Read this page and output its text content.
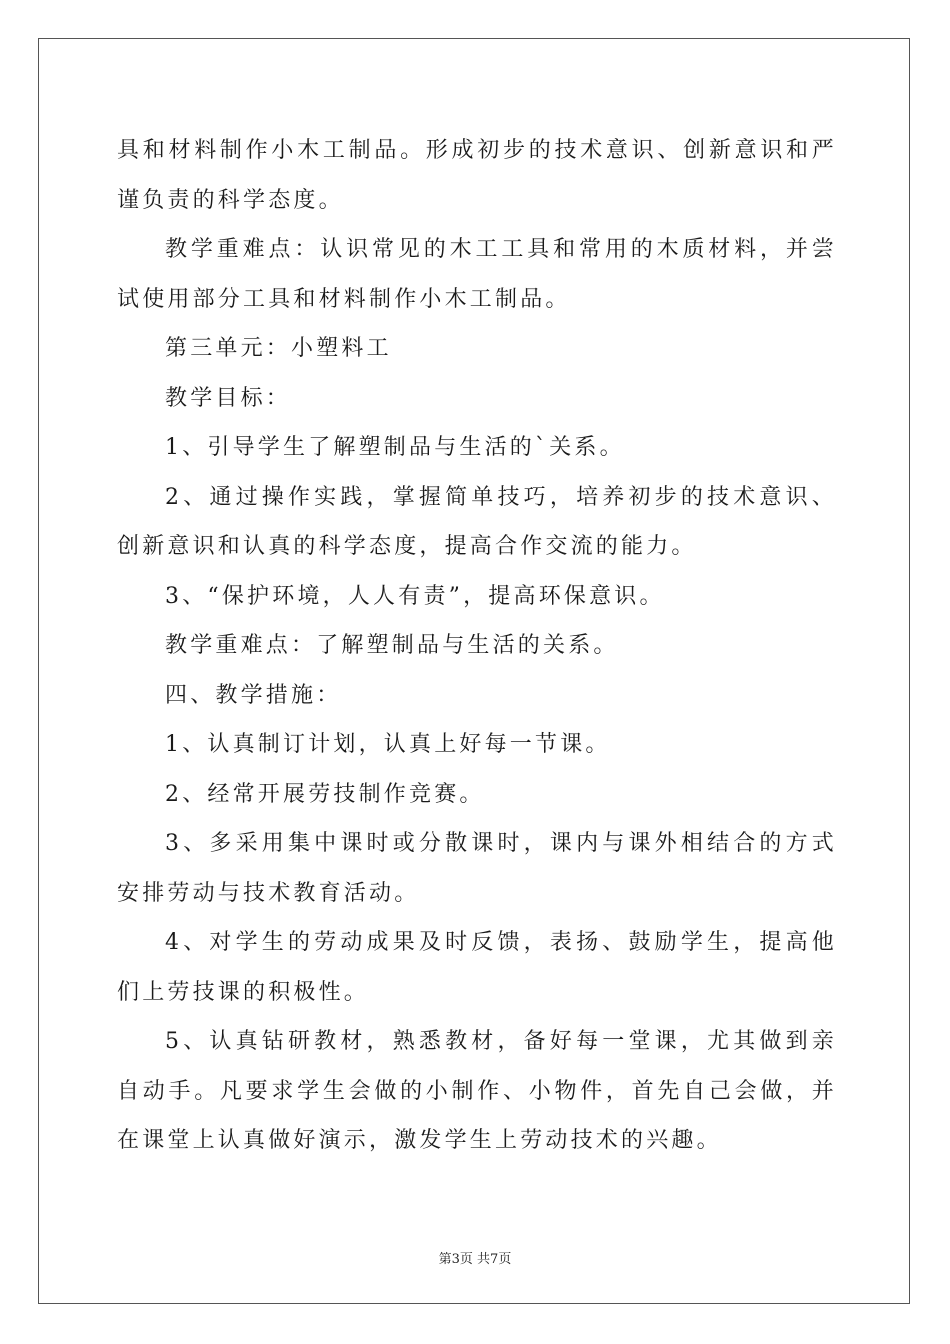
具和材料制作小木工制品。形成初步的技术意识、创新意识和严谨负责的科学态度。

教学重难点：认识常见的木工工具和常用的木质材料，并尝试使用部分工具和材料制作小木工制品。

第三单元：小塑料工

教学目标：

1、引导学生了解塑制品与生活的`关系。

2、通过操作实践，掌握简单技巧，培养初步的技术意识、创新意识和认真的科学态度，提高合作交流的能力。

3、“保护环境，人人有责”，提高环保意识。

教学重难点：了解塑制品与生活的关系。

四、教学措施：

1、认真制订计划，认真上好每一节课。

2、经常开展劳技制作竞赛。

3、多采用集中课时或分散课时，课内与课外相结合的方式安排劳动与技术教育活动。

4、对学生的劳动成果及时反馈，表扬、鼓励学生，提高他们上劳技课的积极性。

5、认真钻研教材，熟悉教材，备好每一堂课，尤其做到亲自动手。凡要求学生会做的小制作、小物件，首先自己会做，并在课堂上认真做好演示，激发学生上劳动技术的兴趣。

第3页 共7页
